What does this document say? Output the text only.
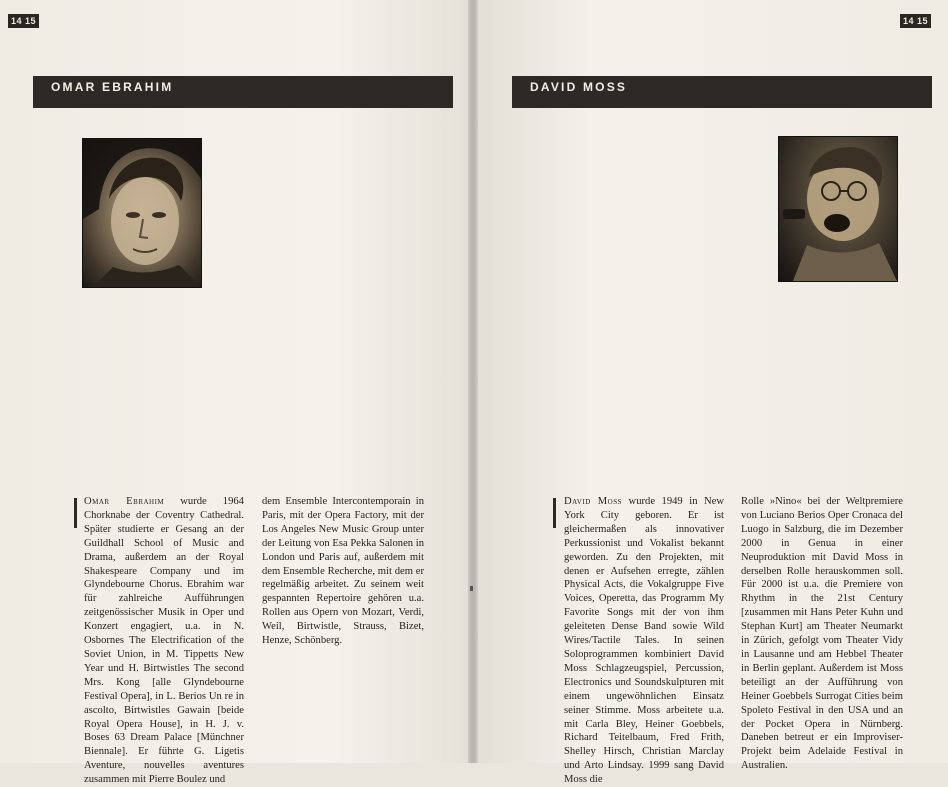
14 15	14 15
OMAR EBRAHIM	DAVID MOSS

Omar Ebrahim wurde 1964 Chorknabe der Coventry Cathedral. Später studierte er Gesang an der Guildhall School of Music and Drama, außerdem an der Royal Shakespeare Company und im Glyndebourne Chorus. Ebrahim war für zahlreiche Aufführungen zeitgenössischer Musik in Oper und Konzert engagiert, u.a. in N. Osbornes The Electrification of the Soviet Union, in M. Tippetts New Year und H. Birtwistles The second Mrs. Kong [alle Glyndebourne Festival Opera], in L. Berios Un re in ascolto, Birtwistles Gawain [beide Royal Opera House], in H. J. v. Boses 63 Dream Palace [Münchner Biennale]. Er führte G. Ligetis Aventure, nouvelles aventures zusammen mit Pierre Boulez und

dem Ensemble Intercontemporain in Paris, mit der Opera Factory, mit der Los Angeles New Music Group unter der Leitung von Esa Pekka Salonen in London und Paris auf, außerdem mit dem Ensemble Recherche, mit dem er regelmäßig arbeitet. Zu seinem weit gespannten Repertoire gehören u.a. Rollen aus Opern von Mozart, Verdi, Weil, Birtwistle, Strauss, Bizet, Henze, Schönberg.

David Moss wurde 1949 in New York City geboren. Er ist gleichermaßen als innovativer Perkussionist und Vokalist bekannt geworden. Zu den Projekten, mit denen er Aufsehen erregte, zählen Physical Acts, die Vokalgruppe Five Voices, Operetta, das Programm My Favorite Songs mit der von ihm geleiteten Dense Band sowie Wild Wires/Tactile Tales. In seinen Soloprogrammen kombiniert David Moss Schlagzeugspiel, Percussion, Electronics und Soundskulpturen mit einem ungewöhnlichen Einsatz seiner Stimme. Moss arbeitete u.a. mit Carla Bley, Heiner Goebbels, Richard Teitelbaum, Fred Frith, Shelley Hirsch, Christian Marclay und Arto Lindsay. 1999 sang David Moss die

Rolle »Nino« bei der Weltpremiere von Luciano Berios Oper Cronaca del Luogo in Salzburg, die im Dezember 2000 in Genua in einer Neuproduktion mit David Moss in derselben Rolle herauskommen soll. Für 2000 ist u.a. die Premiere von Rhythm in the 21st Century [zusammen mit Hans Peter Kuhn und Stephan Kurt] am Theater Neumarkt in Zürich, gefolgt vom Theater Vidy in Lausanne und am Hebbel Theater in Berlin geplant. Außerdem ist Moss beteiligt an der Aufführung von Heiner Goebbels Surrogat Cities beim Spoleto Festival in den USA und an der Pocket Opera in Nürnberg. Daneben betreut er ein Improviser-Projekt beim Adelaide Festival in Australien.
